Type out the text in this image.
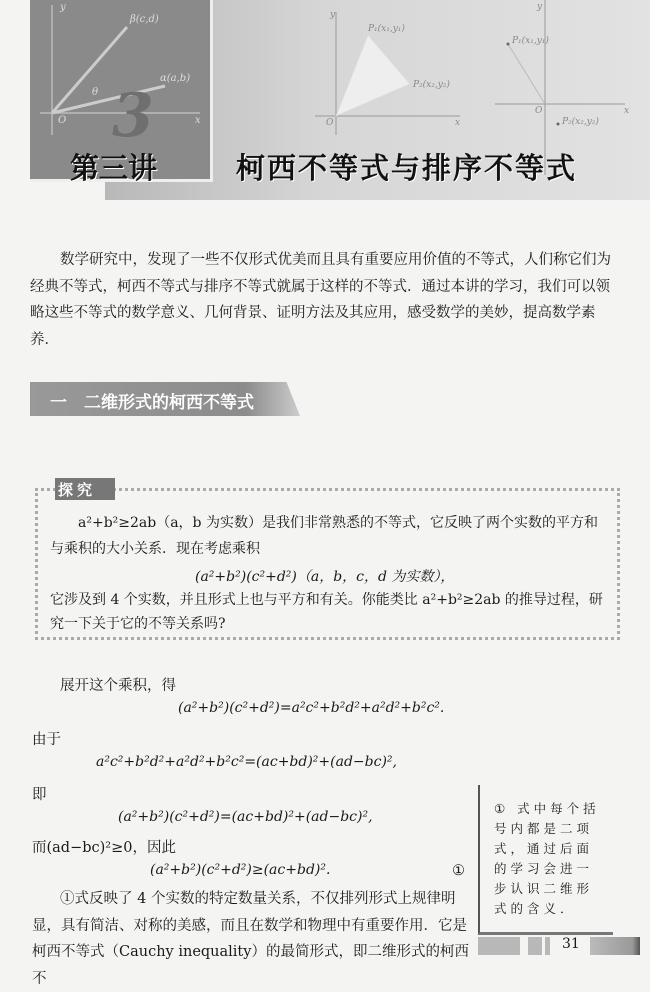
β(c,d)
α(a,b)
θ
O	x
y
P₁(x₁,y₁)
P₂(x₂,y₂)
O	x
y
P₁(x₁,y₁)
P₂(x₂,y₂)
O	x
y
3
第三讲	柯西不等式与排序不等式

数学研究中，发现了一些不仅形式优美而且具有重要应用价值的不等式，人们称它们为经典不等式，柯西不等式与排序不等式就属于这样的不等式．通过本讲的学习，我们可以领略这些不等式的数学意义、几何背景、证明方法及其应用，感受数学的美妙，提高数学素养．

一　二维形式的柯西不等式
探究

a²+b²≥2ab（a，b 为实数）是我们非常熟悉的不等式，它反映了两个实数的平方和与乘积的大小关系．现在考虑乘积

(a²+b²)(c²+d²)（a，b，c，d 为实数），

它涉及到 4 个实数，并且形式上也与平方和有关。你能类比 a²+b²≥2ab 的推导过程，研究一下关于它的不等关系吗?

展开这个乘积，得
(a²+b²)(c²+d²)=a²c²+b²d²+a²d²+b²c².
由于
a²c²+b²d²+a²d²+b²c²=(ac+bd)²+(ad−bc)²,
即
(a²+b²)(c²+d²)=(ac+bd)²+(ad−bc)²,
而(ad−bc)²≥0，因此
(a²+b²)(c²+d²)≥(ac+bd)².	①

①式反映了 4 个实数的特定数量关系，不仅排列形式上规律明显，具有简洁、对称的美感，而且在数学和物理中有重要作用．它是柯西不等式（Cauchy inequality）的最简形式，即二维形式的柯西不

① 式中每个括号内都是二项式，通过后面的学习会进一步认识二维形式的含义．
31
